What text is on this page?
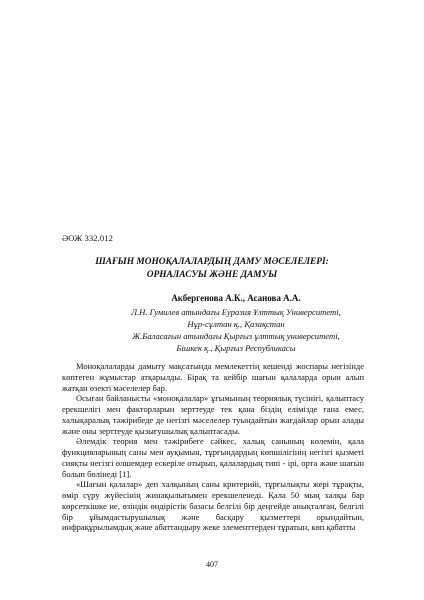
ӘОЖ 332.012
ШАҒЫН МОНОҚАЛАЛАРДЫҢ ДАМУ МӘСЕЛЕЛЕРІ:
ОРНАЛАСУЫ ЖӘНЕ ДАМУЫ
Акбергенова А.К., Асанова А.А.
Л.Н. Гумилев атындағы Еуразия Ұлттық Университеті,
Нұр-сұлтан қ., Қазақстан
Ж.Баласағын атындағы Қырғыз ұлттық университеті,
Бішкек қ., Қырғыз Республикасы

Моноқалаларды дамыту мақсатында мемлекеттің кешенді жоспары негізінде көптеген жұмыстар атқарылды. Бірақ та кейбір шағын қалаларда орын алып жатқан өзекті мәселелер бар.

Осыған байланысты «моноқалалар» ұғымының теориялық түсінігі, қалыптасу ерекшелігі мен факторларын зерттеуде тек қана біздің елімізде ғана емес, халықаралық тәжірибеде де негізгі мәселелер туындайтын жағдайлар орын алады және оны зерттеуде қызығушылық қалыптасады.

Әлемдік теория мен тәжірибеге сәйкес, халық санының көлемін, қала функцияларының саны мен ауқымын, тұрғындардың көпшілігінің негізгі қызметі сияқты негізгі өлшемдер ескеріле отырып, қалалардың типі - ірі, орта және шағын болып бөлінеді [1].

«Шағын қалалар» деп халқының саны критерийі, тұрғылықты жері тұрақты, өмір сүру жүйесінің жинақылығымен ерекшеленеді. Қала 50 мың халқы бар көрсеткішке ие, өзіндік өндірістік базасы белгілі бір деңгейде анықталған, белгілі бір ұйымдастырушылық және басқару қызметтері орындайтын, инфрақұрылымдық және абаттандыру жеке элементтерден тұратын, көп қабатты

407
